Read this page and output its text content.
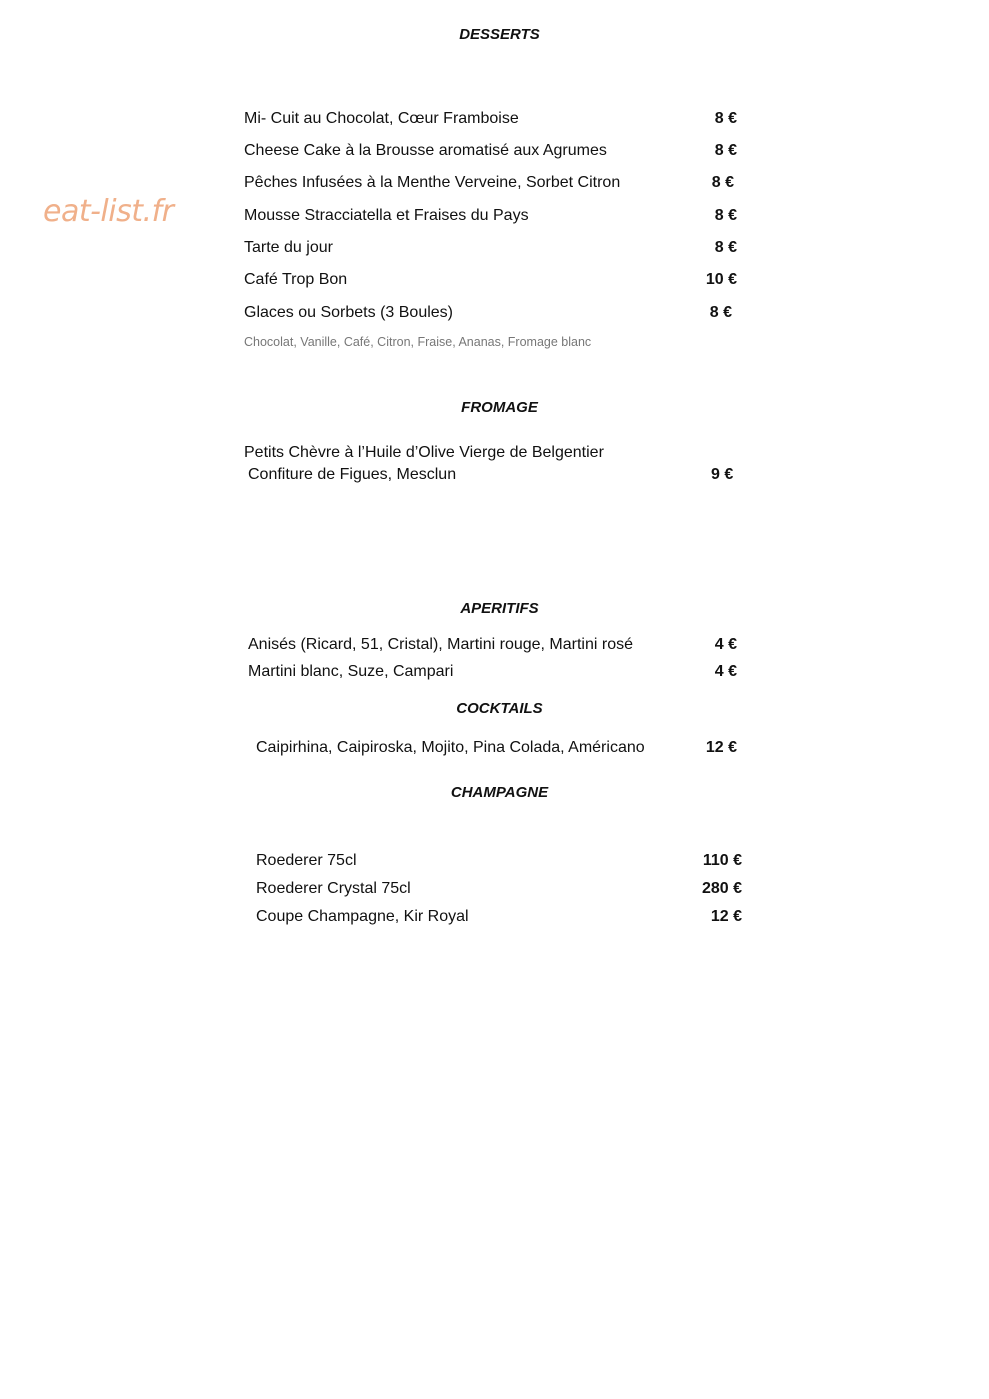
eat-list.fr
DESSERTS
Mi- Cuit au Chocolat, Cœur Framboise	8 €
Cheese Cake à la Brousse aromatisé aux Agrumes	8 €
Pêches Infusées à la Menthe Verveine, Sorbet Citron	8 €
Mousse Stracciatella et Fraises du Pays	8 €
Tarte du jour	8 €
Café Trop Bon	10 €
Glaces ou Sorbets (3 Boules)	8 €
Chocolat, Vanille, Café, Citron, Fraise, Ananas, Fromage blanc
FROMAGE
Petits Chèvre à l’Huile d’Olive Vierge de Belgentier
Confiture de Figues, Mesclun	9 €
APERITIFS
Anisés (Ricard, 51, Cristal), Martini rouge, Martini rosé	4 €
Martini blanc, Suze, Campari	4 €
COCKTAILS
Caipirhina, Caipiroska, Mojito, Pina Colada, Américano	12 €
CHAMPAGNE
Roederer 75cl	110 €
Roederer Crystal 75cl	280 €
Coupe Champagne, Kir Royal	12 €
